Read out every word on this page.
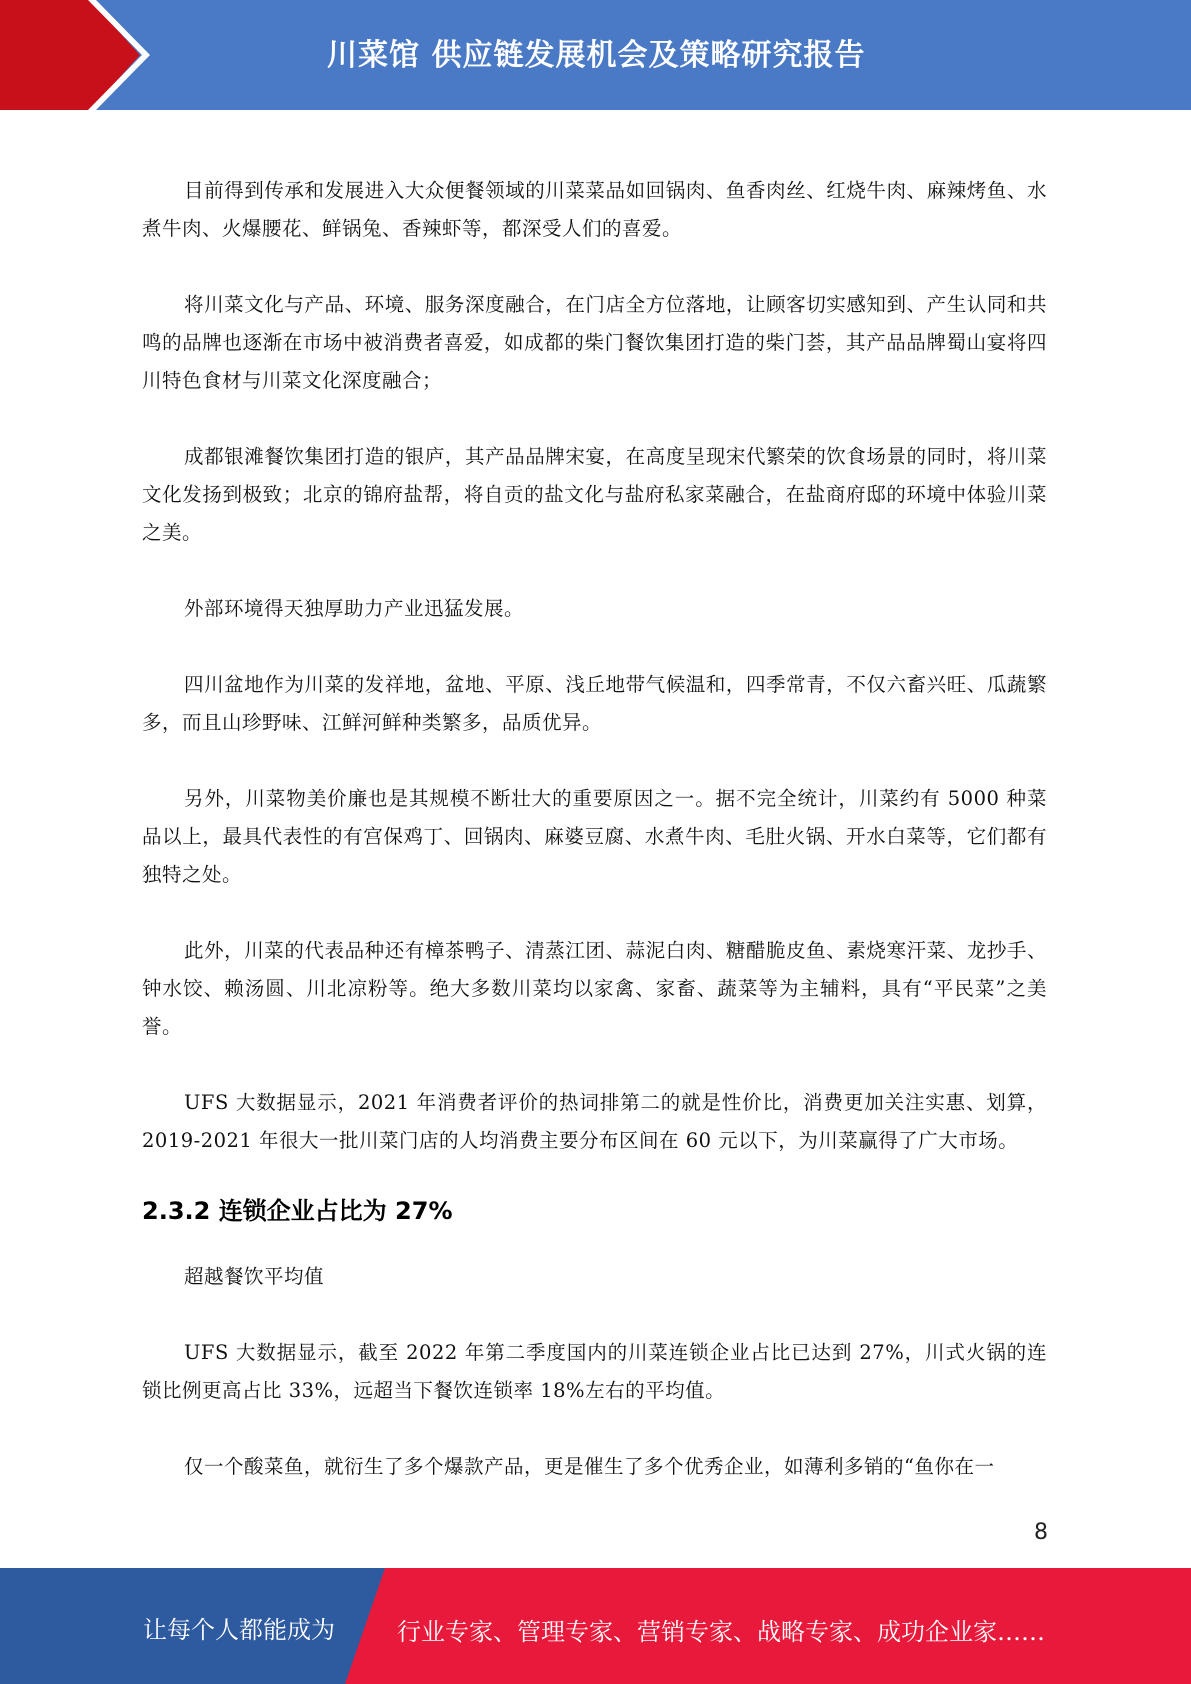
川菜馆 供应链发展机会及策略研究报告

目前得到传承和发展进入大众便餐领域的川菜菜品如回锅肉、鱼香肉丝、红烧牛肉、麻辣烤鱼、水煮牛肉、火爆腰花、鲜锅兔、香辣虾等，都深受人们的喜爱。

将川菜文化与产品、环境、服务深度融合，在门店全方位落地，让顾客切实感知到、产生认同和共鸣的品牌也逐渐在市场中被消费者喜爱，如成都的柴门餐饮集团打造的柴门荟，其产品品牌蜀山宴将四川特色食材与川菜文化深度融合；

成都银滩餐饮集团打造的银庐，其产品品牌宋宴，在高度呈现宋代繁荣的饮食场景的同时，将川菜文化发扬到极致；北京的锦府盐帮，将自贡的盐文化与盐府私家菜融合，在盐商府邸的环境中体验川菜之美。

外部环境得天独厚助力产业迅猛发展。

四川盆地作为川菜的发祥地，盆地、平原、浅丘地带气候温和，四季常青，不仅六畜兴旺、瓜蔬繁多，而且山珍野味、江鲜河鲜种类繁多，品质优异。

另外，川菜物美价廉也是其规模不断壮大的重要原因之一。据不完全统计，川菜约有 5000 种菜品以上，最具代表性的有宫保鸡丁、回锅肉、麻婆豆腐、水煮牛肉、毛肚火锅、开水白菜等，它们都有独特之处。

此外，川菜的代表品种还有樟茶鸭子、清蒸江团、蒜泥白肉、糖醋脆皮鱼、素烧寒汗菜、龙抄手、钟水饺、赖汤圆、川北凉粉等。绝大多数川菜均以家禽、家畜、蔬菜等为主辅料，具有“平民菜”之美誉。

UFS 大数据显示，2021 年消费者评价的热词排第二的就是性价比，消费更加关注实惠、划算，2019-2021 年很大一批川菜门店的人均消费主要分布区间在 60 元以下，为川菜赢得了广大市场。

2.3.2 连锁企业占比为 27%

超越餐饮平均值

UFS 大数据显示，截至 2022 年第二季度国内的川菜连锁企业占比已达到 27%，川式火锅的连锁比例更高占比 33%，远超当下餐饮连锁率 18%左右的平均值。

仅一个酸菜鱼，就衍生了多个爆款产品，更是催生了多个优秀企业，如薄利多销的“鱼你在一

8
让每个人都能成为	行业专家、管理专家、营销专家、战略专家、成功企业家……
